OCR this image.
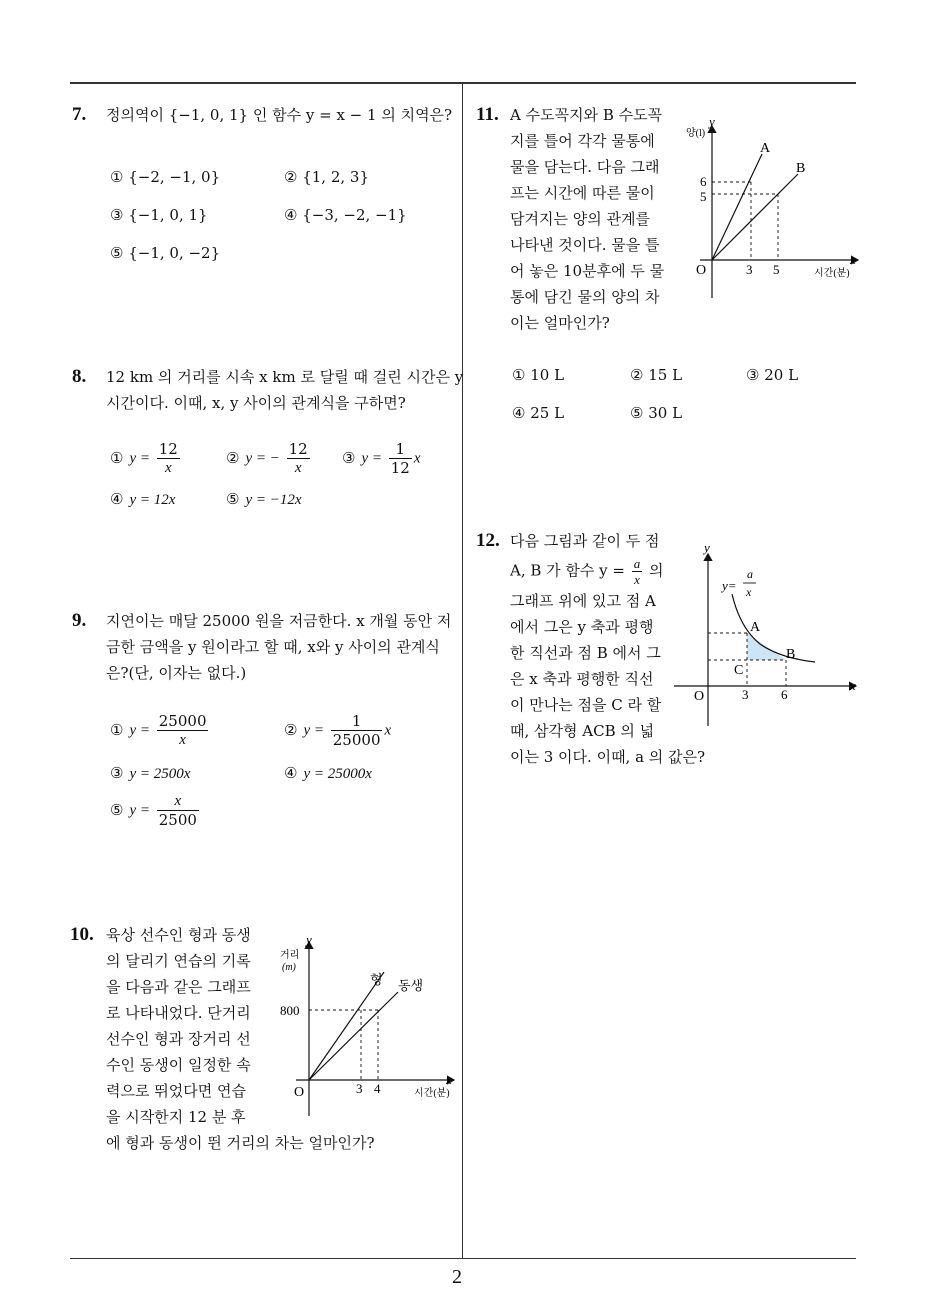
7. 정의역이 {−1, 0, 1} 인 함수 y = x − 1 의 치역은?
① {−2, −1, 0}	② {1, 2, 3}
③ {−1, 0, 1}	④ {−3, −2, −1}
⑤ {−1, 0, −2}
8. 12 km 의 거리를 시속 x km 로 달릴 때 걸린 시간은 y
시간이다. 이때, x, y 사이의 관계식을 구하면?
① $y = \frac{12}{x}$	② y = − $\frac{12}{x}$ ③ $y = \frac{1}{12}$ x
④ y = 12x	⑤ y = −12x
9. 지연이는 매달 25000 원을 저금한다. x 개월 동안 저
금한 금액을 y 원이라고 할 때, x와 y 사이의 관계식
은?(단, 이자는 없다.)
① $y = \frac{25000}{x}$	② $y = \frac{1}{25000}$ x
③ y = 2500x	④ y = 25000x
⑤ $y = \frac{x}{2500}$
10. 육상 선수인 형과 동생
의 달리기 연습의 기록
을 다음과 같은 그래프
로 나타내었다. 단거리
선수인 형과 장거리 선
수인 동생이 일정한 속
력으로 뛰었다면 연습
을 시작한지 12 분 후
에 형과 동생이 뛴 거리의 차는 얼마인가?
y
거리
(m)
x
시간(분)
O
800
3 4
형 동생
11. A 수도꼭지와 B 수도꼭
지를 틀어 각각 물통에
물을 담는다. 다음 그래
프는 시간에 따른 물이
담겨지는 양의 관계를
나타낸 것이다. 물을 틀
어 놓은 10분후에 두 물
통에 담긴 물의 양의 차
이는 얼마인가?
y
양(l)
x
시간(분)
O
6
5
3 5
A
B
① 10 L	② 15 L	③ 20 L
④ 25 L	⑤ 30 L
12. 다음 그림과 같이 두 점
A, B 가 함수 $y = \frac{a}{x}$ 의
그래프 위에 있고 점 A
에서 그은 y 축과 평행
한 직선과 점 B 에서 그
은 x 축과 평행한 직선
이 만나는 점을 C 라 할
때, 삼각형 ACB 의 넓
이는 3 이다. 이때, a 의 값은?
y
x
O
y=
a
x
3	6
A
B
C
2
